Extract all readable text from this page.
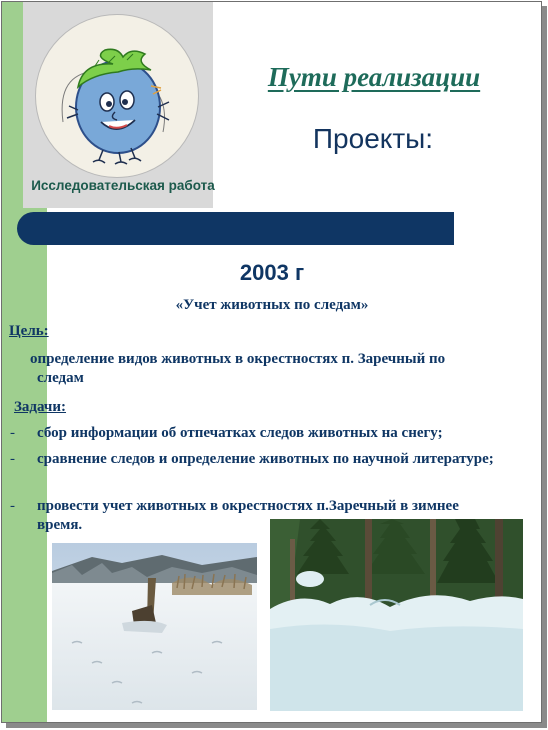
Исследовательская работа
Пути реализации
Проекты:
2003 г
«Учет животных по следам»
Цель:
определение видов животных в окрестностях п. Заречный по
следам
Задачи:
- сбор информации об отпечатках следов животных на снегу;
- сравнение следов и определение животных по научной литературе;
- провести учет животных в окрестностях п.Заречный в зимнее время.
